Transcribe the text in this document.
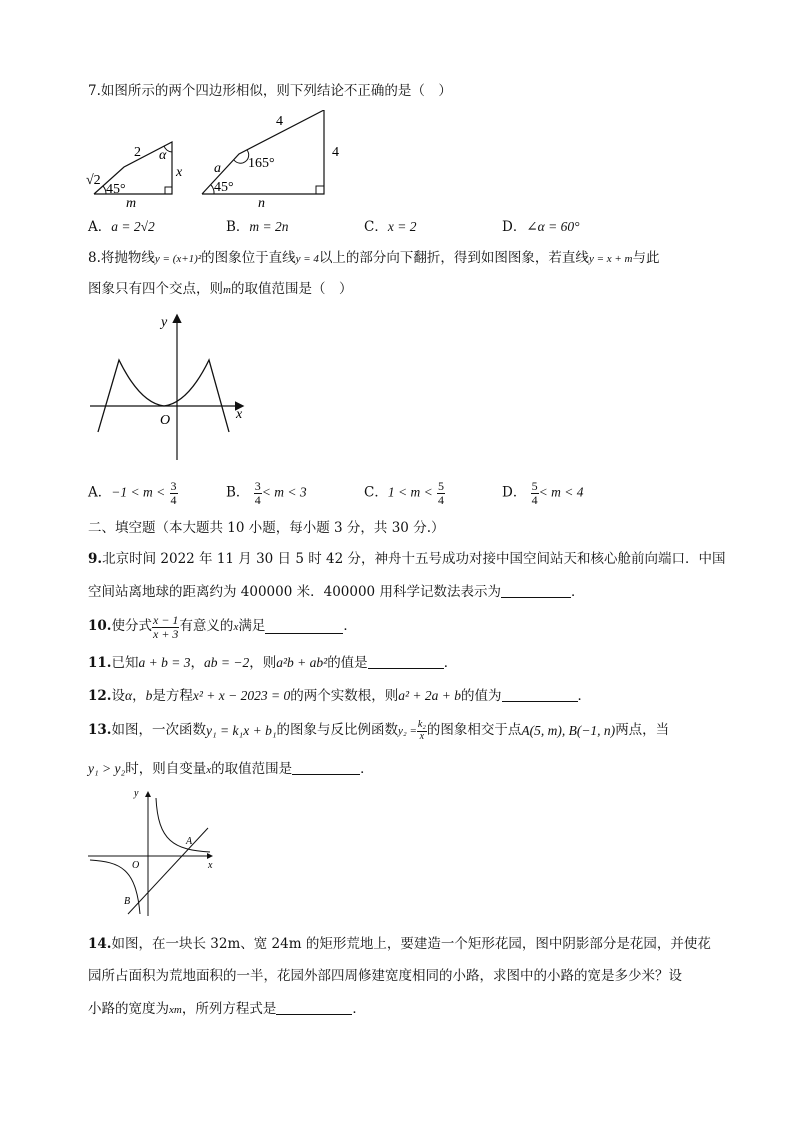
7.如图所示的两个四边形相似，则下列结论不正确的是（　）
√2
2 α
x
m
45°
4
4
a 165°
45°
n
A．a = 2√2	B．m = 2n	C．x = 2	D．∠α = 60°
8.将抛物线y = (x+1)²的图象位于直线y = 4以上的部分向下翻折，得到如图图象，若直线y = x + m与此
图象只有四个交点，则m的取值范围是（　）
y
x
O
A．$-1 < m < \frac{3}{4}$	B． $\frac{3}{4} < m < 3$	C．$1 < m < \frac{5}{4}$	D． $\frac{5}{4} < m < 4$
二、填空题（本大题共 10 小题，每小题 3 分，共 30 分.）
9.北京时间 2022 年 11 月 30 日 5 时 42 分，神舟十五号成功对接中国空间站天和核心舱前向端口．中国
空间站离地球的距离约为 400000 米．400000 用科学记数法表示为	．
10. 使分式 $\frac{x - 1}{x + 3}$ 有意义的 x 满足	．
11.已知a + b = 3，ab = −2，则a²b + ab²的值是	．
12.设α，b是方程x² + x − 2023 = 0的两个实数根，则a² + 2a + b的值为	．
13. 如图，一次函数 y₁ = k₁x + b₁ 的图象与反比例函数 $y_2 = \frac{\text{k₂}}{x}$ 的图象相交于点 A(5, m), B(−1, n) 两点，当
y₁ > y₂时，则自变量x的取值范围是	．
y
x
O
A
B
14.如图，在一块长 32m、宽 24m 的矩形荒地上，要建造一个矩形花园，图中阴影部分是花园，并使花
园所占面积为荒地面积的一半，花园外部四周修建宽度相同的小路，求图中的小路的宽是多少米？设
小路的宽度为xm，所列方程式是	．
